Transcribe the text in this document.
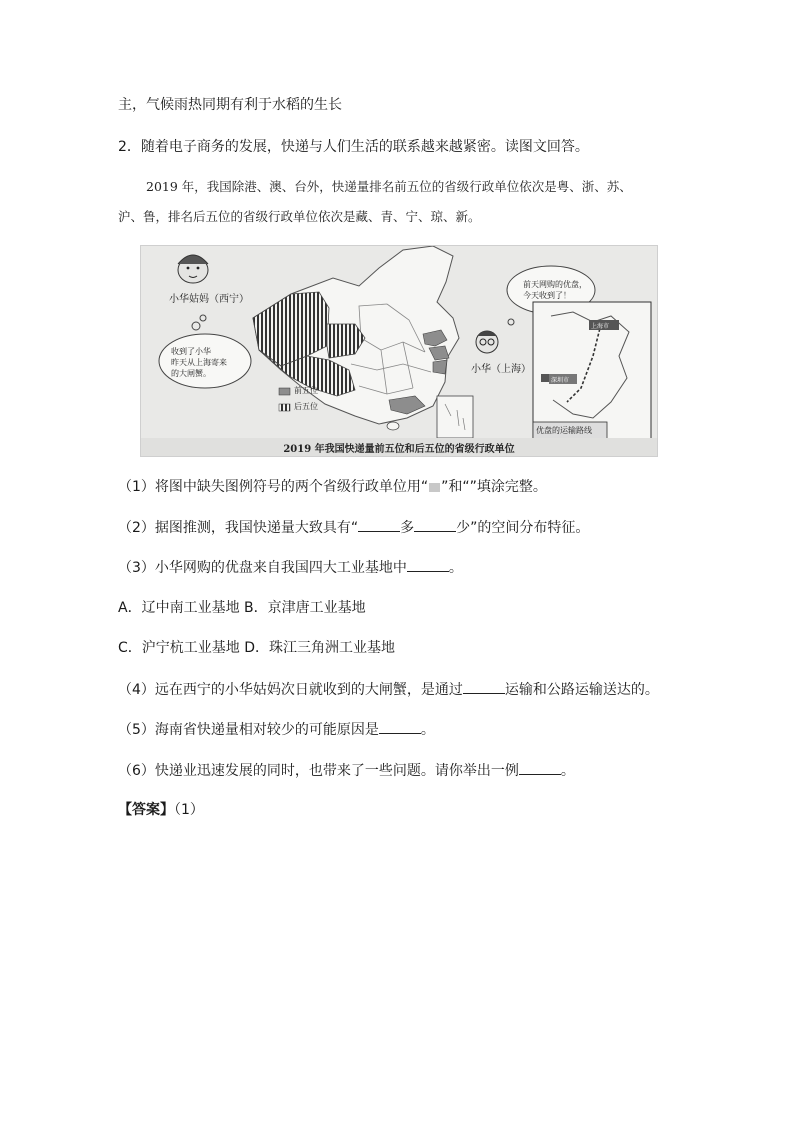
主，气候雨热同期有利于水稻的生长
2．随着电子商务的发展，快递与人们生活的联系越来越紧密。读图文回答。
2019 年，我国除港、澳、台外，快递量排名前五位的省级行政单位依次是粤、浙、苏、
沪、鲁，排名后五位的省级行政单位依次是藏、青、宁、琼、新。
小华姑妈（西宁）
收到了小华
昨天从上海寄来
的大闸蟹。
前五位
后五位
小华（上海）
前天网购的优盘，
今天收到了！
上海市
深圳市
优盘的运输路线
2019 年我国快递量前五位和后五位的省级行政单位
（1）将图中缺失图例符号的两个省级行政单位用“ ”和“”填涂完整。
（2）据图推测，我国快递量大致具有“	多	少”的空间分布特征。
（3）小华网购的优盘来自我国四大工业基地中	。
A．辽中南工业基地 B．京津唐工业基地
C．沪宁杭工业基地 D．珠江三角洲工业基地
（4）远在西宁的小华姑妈次日就收到的大闸蟹，是通过	运输和公路运输送达的。
（5）海南省快递量相对较少的可能原因是	。
（6）快递业迅速发展的同时，也带来了一些问题。请你举出一例	。
【答案】（1）
